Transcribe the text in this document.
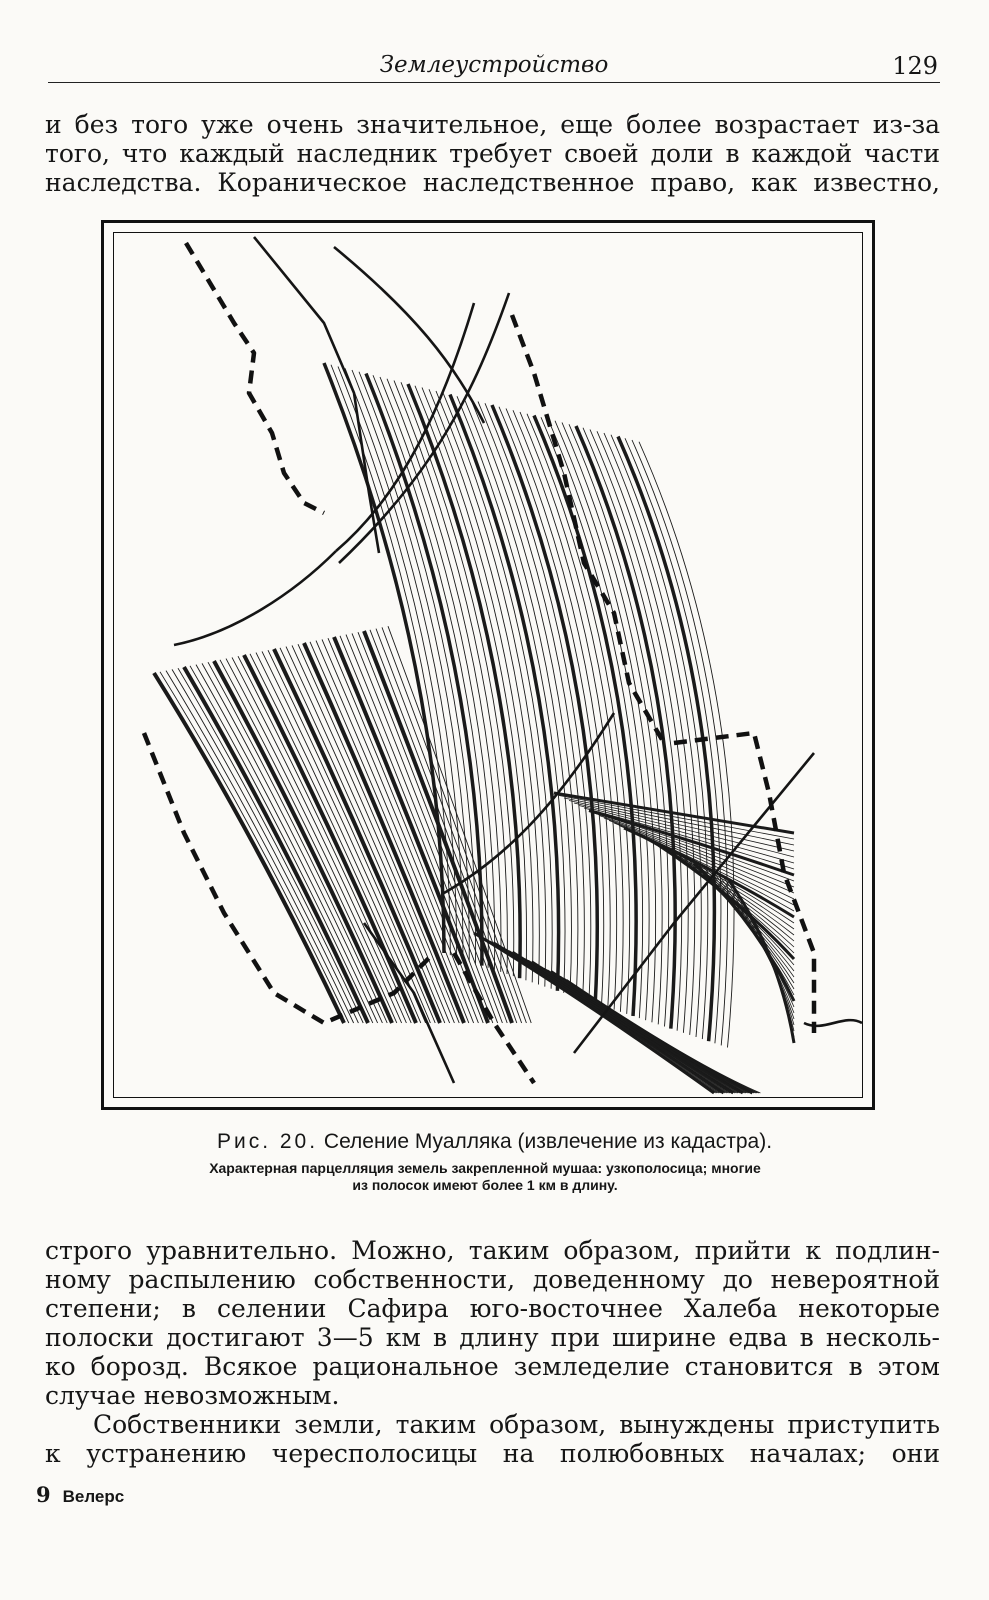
Землеустройство	129

и без того уже очень значительное, еще более возрастает из-за
того, что каждый наследник требует своей доли в каждой части
наследства. Кораническое наследственное право, как известно,

Рис. 20. Селение Муалляка (извлечение из кадастра).
Характерная парцелляция земель закрепленной мушаа: узкополосица; многие
из полосок имеют более 1 км в длину.

строго уравнительно. Можно, таким образом, прийти к подлин-
ному распылению собственности, доведенному до невероятной
степени; в селении Сафира юго-восточнее Халеба некоторые
полоски достигают 3—5 км в длину при ширине едва в несколь-
ко борозд. Всякое рациональное земледелие становится в этом
случае невозможным.

Собственники земли, таким образом, вынуждены приступить
к устранению чересполосицы на полюбовных началах; они

9 Велерс
